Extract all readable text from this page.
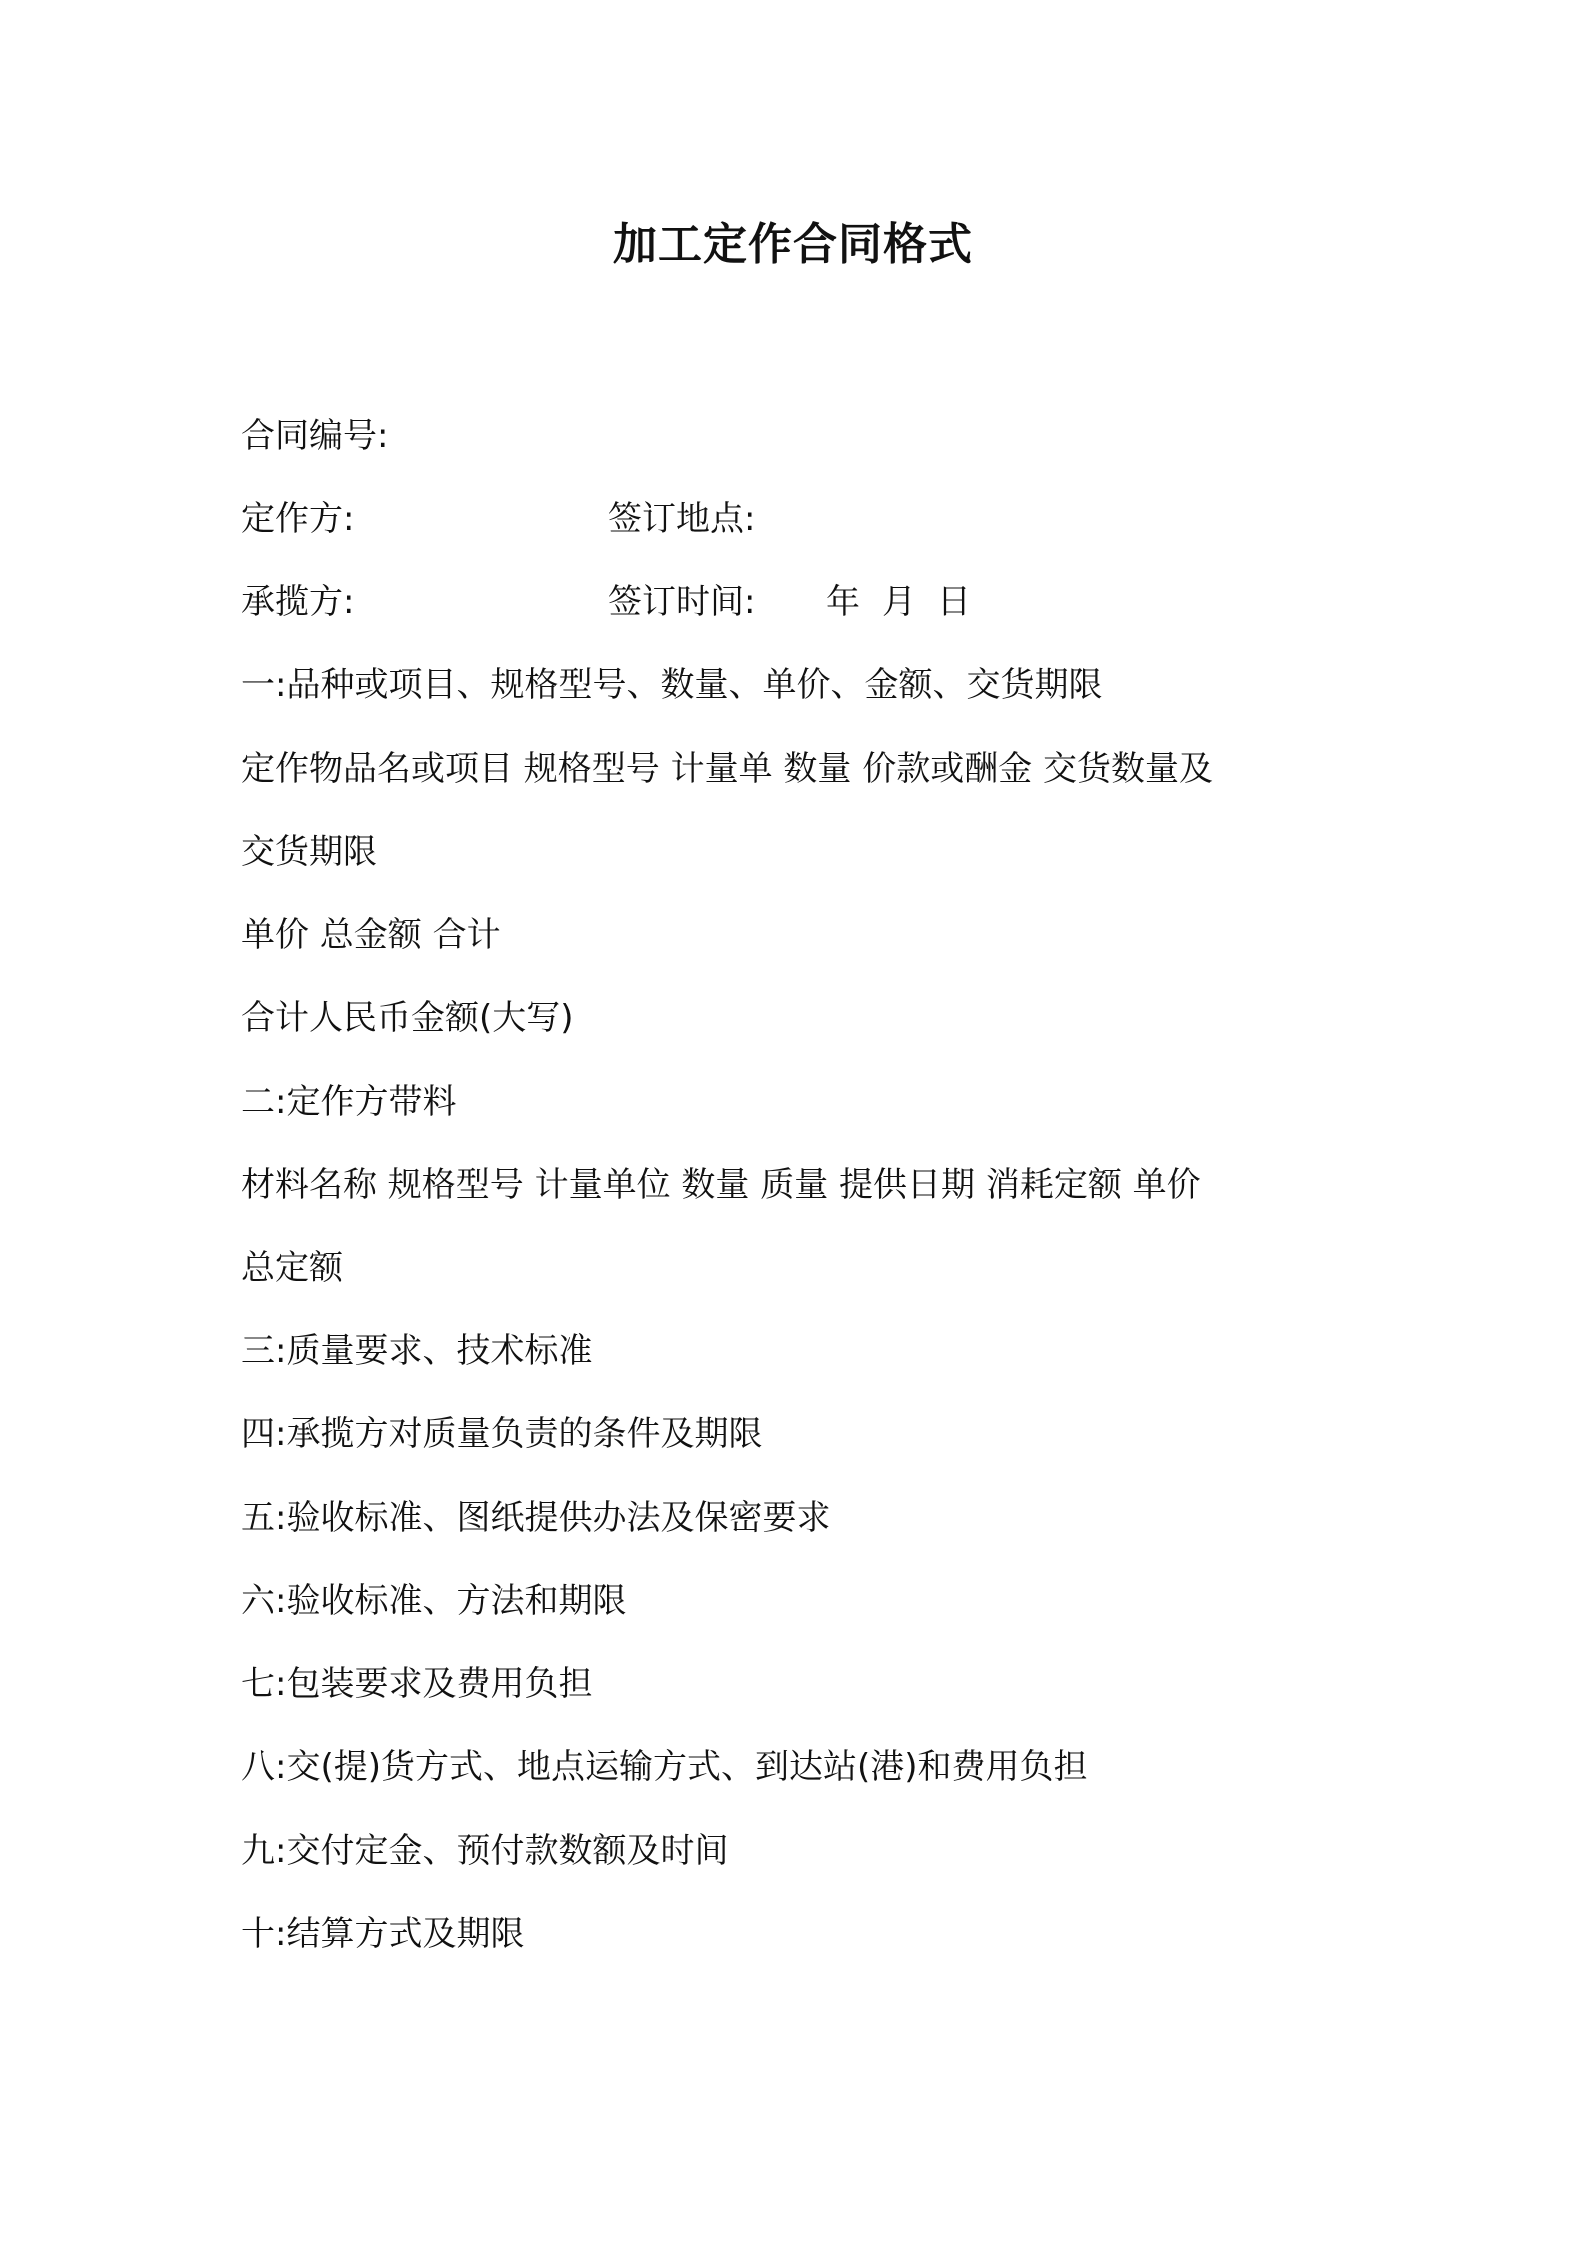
加工定作合同格式
合同编号:
定作方:	签订地点:
承揽方:	签订时间: 年 月 日
一:品种或项目、规格型号、数量、单价、金额、交货期限
定作物品名或项目 规格型号 计量单 数量 价款或酬金 交货数量及
交货期限
单价 总金额 合计
合计人民币金额(大写)
二:定作方带料
材料名称 规格型号 计量单位 数量 质量 提供日期 消耗定额 单价
总定额
三:质量要求、技术标准
四:承揽方对质量负责的条件及期限
五:验收标准、图纸提供办法及保密要求
六:验收标准、方法和期限
七:包装要求及费用负担
八:交(提)货方式、地点运输方式、到达站(港)和费用负担
九:交付定金、预付款数额及时间
十:结算方式及期限
